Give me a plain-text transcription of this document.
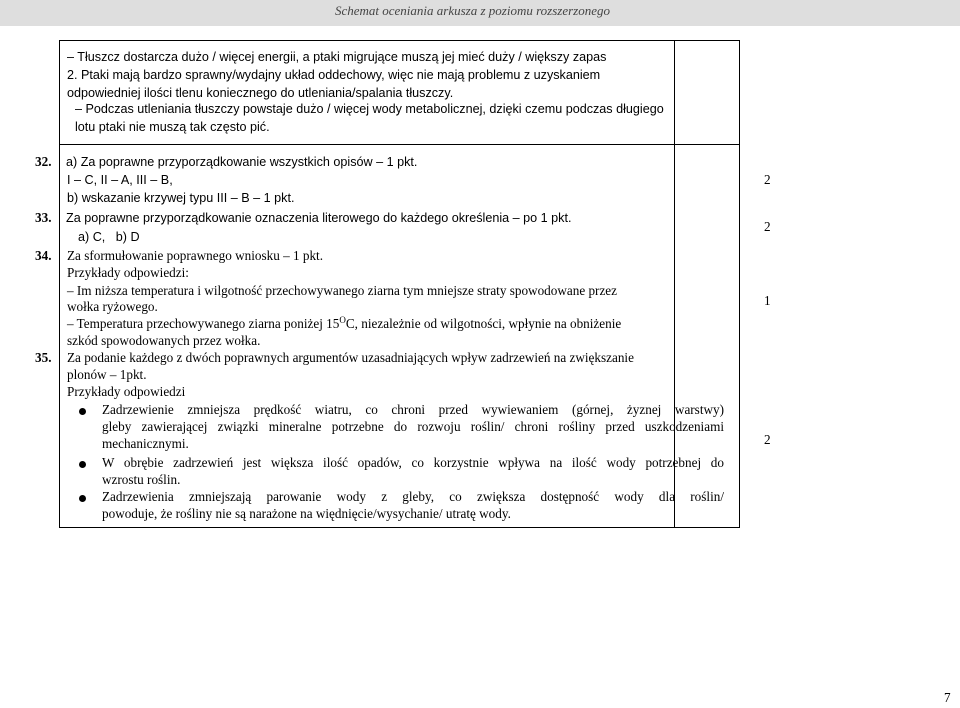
Schemat oceniania arkusza z poziomu rozszerzonego
– Tłuszcz dostarcza dużo / więcej energii, a ptaki migrujące muszą jej mieć duży / większy zapas
2. Ptaki mają bardzo sprawny/wydajny układ oddechowy, więc nie mają problemu z uzyskaniem
odpowiedniej ilości tlenu koniecznego do utleniania/spalania tłuszczy.
– Podczas utleniania tłuszczy powstaje dużo / więcej wody metabolicznej, dzięki czemu podczas długiego
lotu ptaki nie muszą tak często pić.
32. a) Za poprawne przyporządkowanie wszystkich opisów – 1 pkt.
I – C, II – A, III – B,
b) wskazanie krzywej typu III – B – 1 pkt.
2
33. Za poprawne przyporządkowanie oznaczenia literowego do każdego określenia – po 1 pkt.
a) C,   b) D
2
34. Za sformułowanie poprawnego wniosku – 1 pkt.
Przykłady odpowiedzi:
– Im niższa temperatura i wilgotność przechowywanego ziarna tym mniejsze straty spowodowane przez
wołka ryżowego.
– Temperatura przechowywanego ziarna poniżej $15^OC$, niezależnie od wilgotności, wpłynie na obniżenie
szkód spowodowanych przez wołka.
1
35. Za podanie każdego z dwóch poprawnych argumentów uzasadniających wpływ zadrzewień na zwiększanie
plonów – 1pkt.
Przykłady odpowiedzi
Zadrzewienie zmniejsza prędkość wiatru, co chroni przed wywiewaniem (górnej, żyznej warstwy)
gleby zawierającej związki mineralne potrzebne do rozwoju roślin/ chroni rośliny przed uszkodzeniami
mechanicznymi.
W obrębie zadrzewień jest większa ilość opadów, co korzystnie wpływa na ilość wody potrzebnej do
wzrostu roślin.
Zadrzewienia zmniejszają parowanie wody z gleby, co zwiększa dostępność wody dla roślin/
powoduje, że rośliny nie są narażone na więdnięcie/wysychanie/ utratę wody.
2
7
